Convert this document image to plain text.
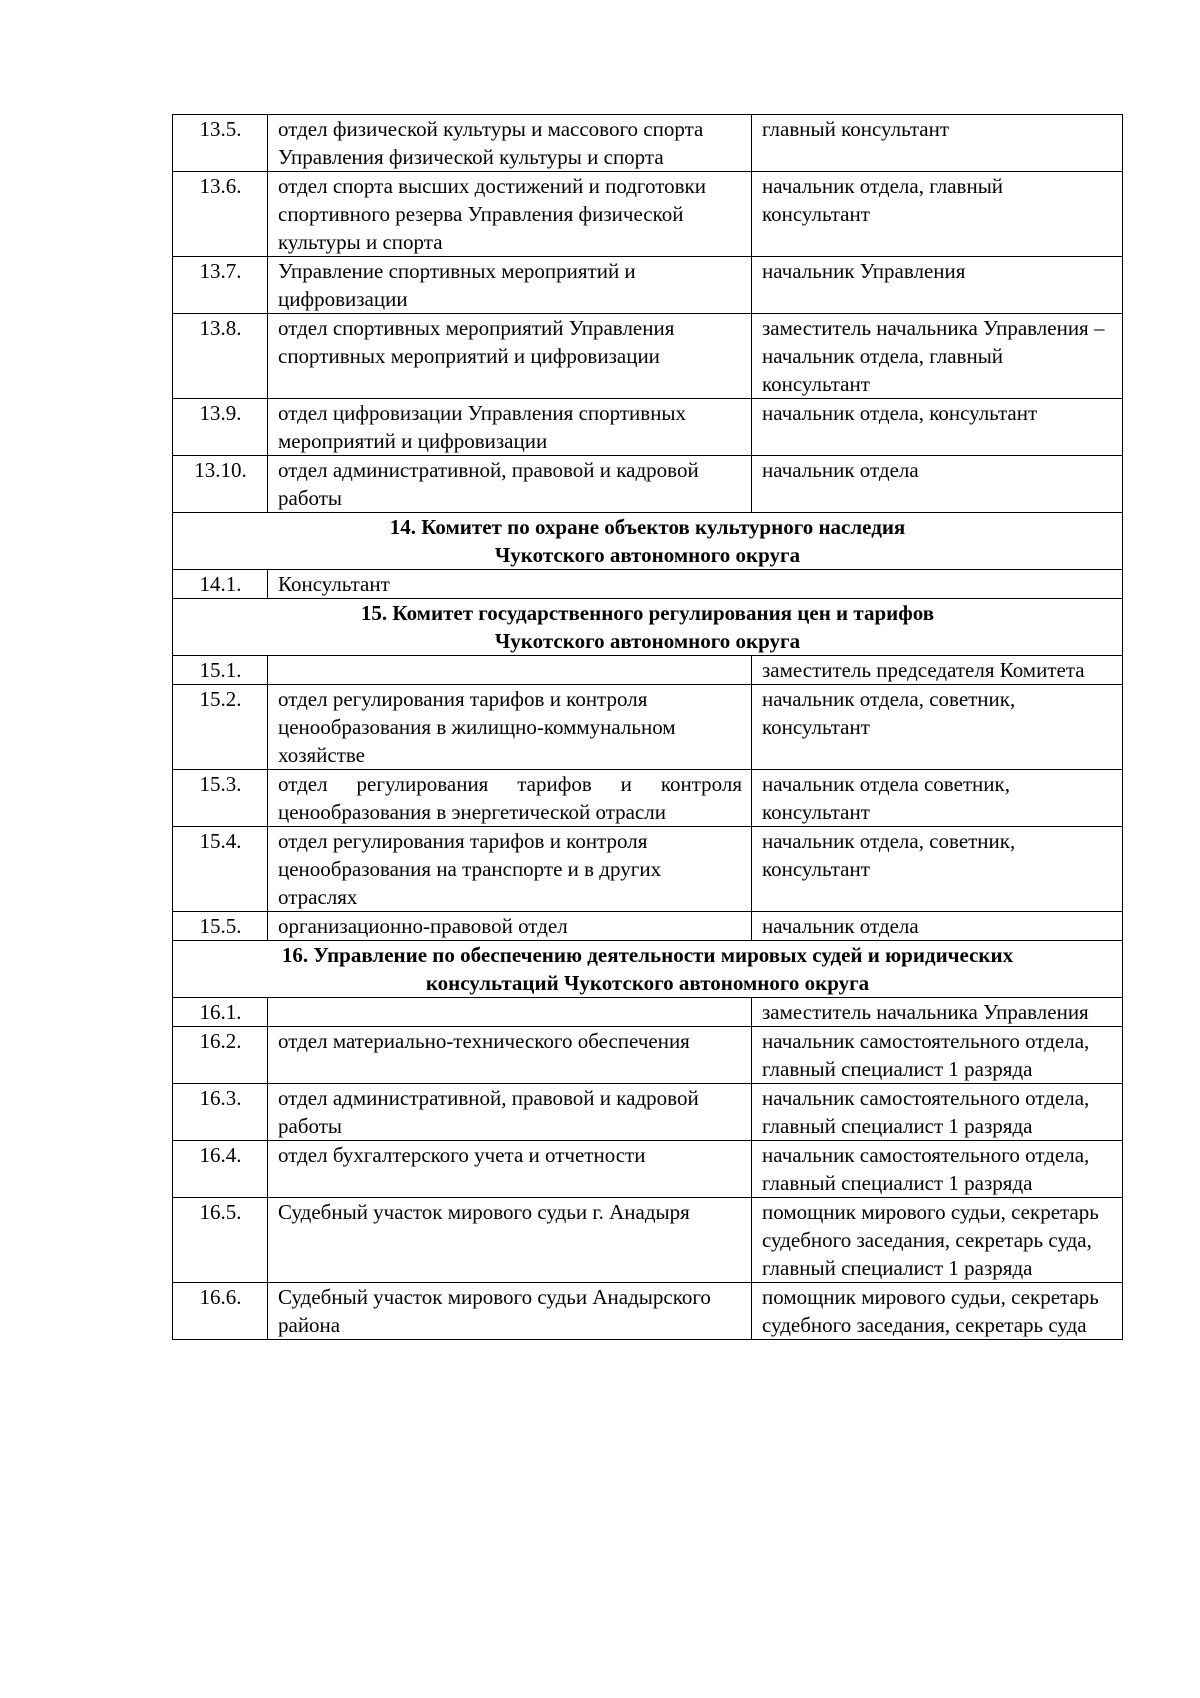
13.5.	отдел физической культуры и массового спорта Управления физической культуры и спорта	главный консультант
13.6.	отдел спорта высших достижений и подготовки спортивного резерва Управления физической культуры и спорта	начальник отдела, главный консультант
13.7.	Управление спортивных мероприятий и цифровизации	начальник Управления
13.8.	отдел спортивных мероприятий Управления спортивных мероприятий и цифровизации	заместитель начальника Управления – начальник отдела, главный консультант
13.9.	отдел цифровизации Управления спортивных мероприятий и цифровизации	начальник отдела, консультант
13.10.	отдел административной, правовой и кадровой работы	начальник отдела

14. Комитет по охране объектов культурного наследия
Чукотского автономного округа		

14.1.	Консультант	

15. Комитет государственного регулирования цен и тарифов
Чукотского автономного округа		

15.1.		заместитель председателя Комитета
15.2.	отдел регулирования тарифов и контроля ценообразования в жилищно-коммунальном хозяйстве	начальник отдела, советник, консультант
15.3.	отдел регулирования тарифов и контроля ценообразования в энергетической отрасли	начальник отдела советник, консультант
15.4.	отдел регулирования тарифов и контроля ценообразования на транспорте и в других отраслях	начальник отдела, советник, консультант
15.5.	организационно-правовой отдел	начальник отдела

16. Управление по обеспечению деятельности мировых судей и юридических
консультаций Чукотского автономного округа		

16.1.		заместитель начальника Управления
16.2.	отдел материально-технического обеспечения	начальник самостоятельного отдела, главный специалист 1 разряда
16.3.	отдел административной, правовой и кадровой работы	начальник самостоятельного отдела, главный специалист 1 разряда
16.4.	отдел бухгалтерского учета и отчетности	начальник самостоятельного отдела, главный специалист 1 разряда
16.5.	Судебный участок мирового судьи г. Анадыря	помощник мирового судьи, секретарь судебного заседания, секретарь суда, главный специалист 1 разряда
16.6.	Судебный участок мирового судьи Анадырского района	помощник мирового судьи, секретарь судебного заседания, секретарь суда
